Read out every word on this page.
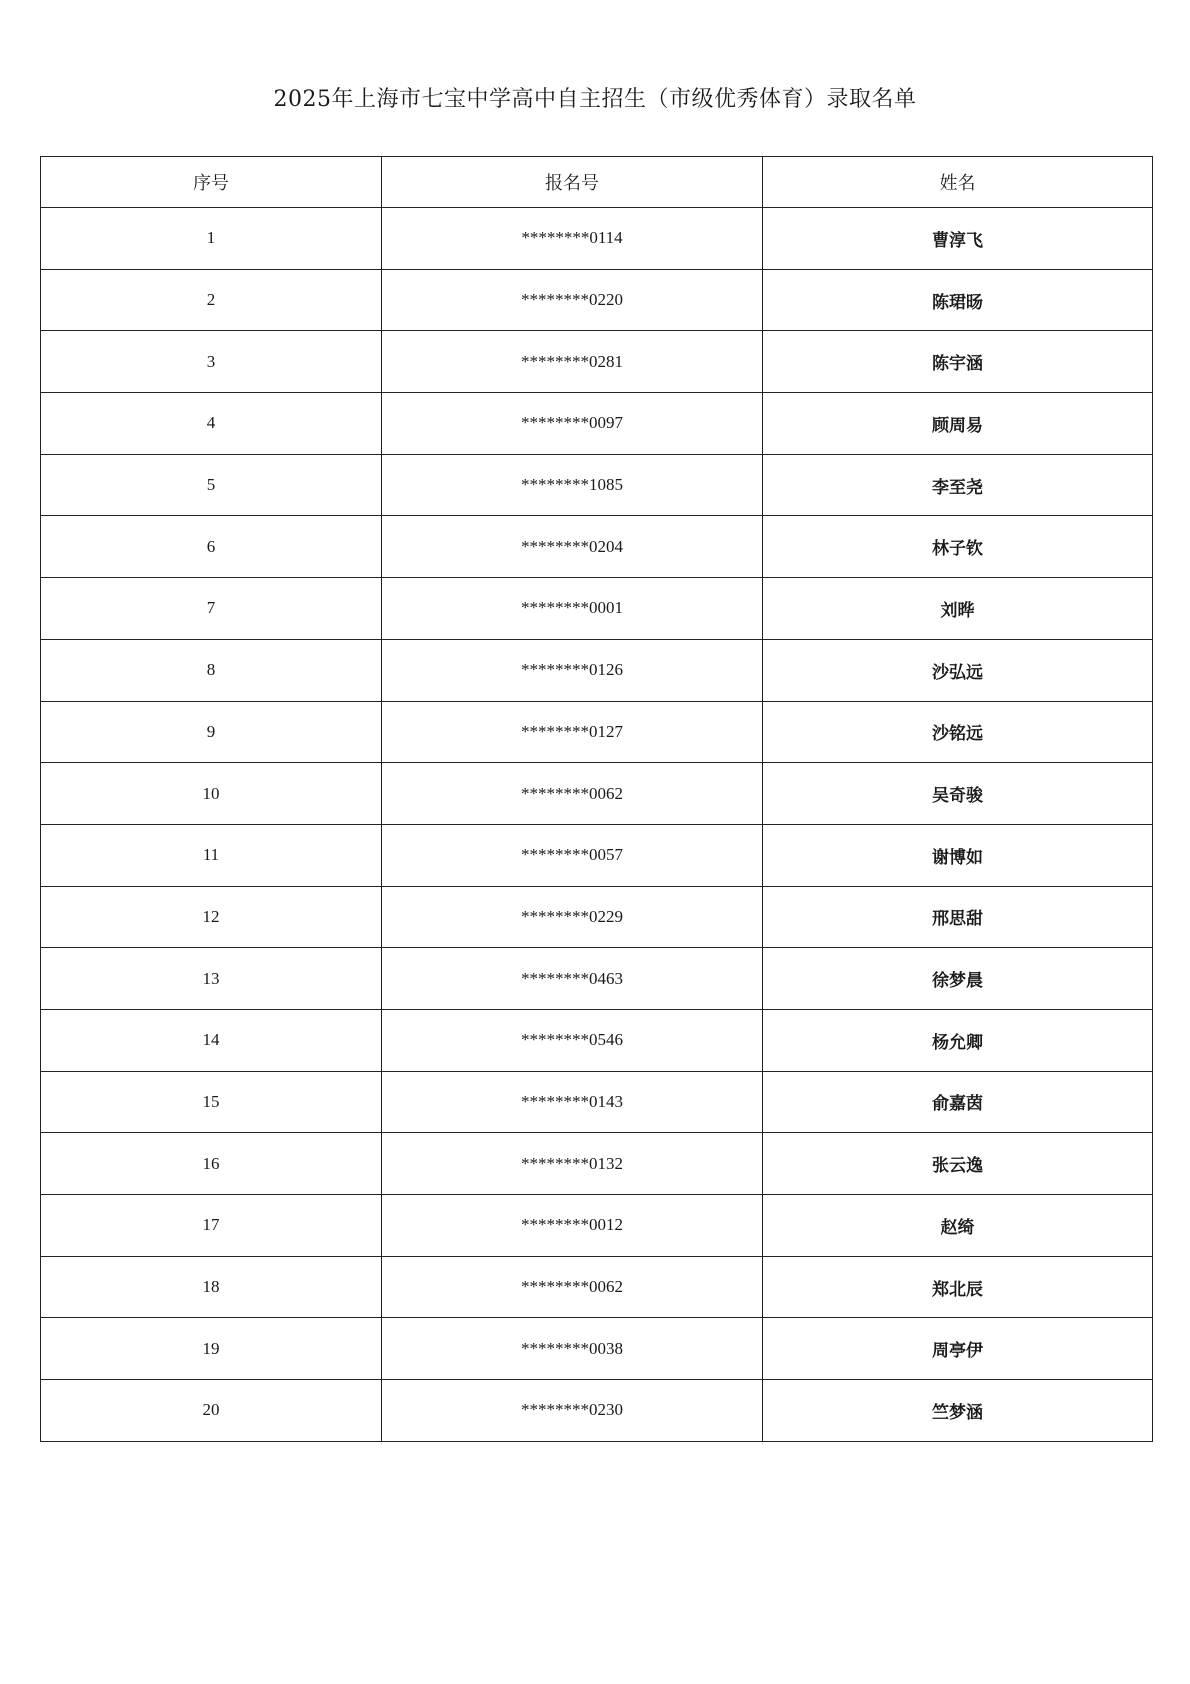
2025年上海市七宝中学高中自主招生（市级优秀体育）录取名单
序号	报名号	姓名
1	********0114	曹淳飞
2	********0220	陈珺旸
3	********0281	陈宇涵
4	********0097	顾周易
5	********1085	李至尧
6	********0204	林子钦
7	********0001	刘晔
8	********0126	沙弘远
9	********0127	沙铭远
10	********0062	吴奇骏
11	********0057	谢博如
12	********0229	邢思甜
13	********0463	徐梦晨
14	********0546	杨允卿
15	********0143	俞嘉茵
16	********0132	张云逸
17	********0012	赵绮
18	********0062	郑北辰
19	********0038	周亭伊
20	********0230	竺梦涵
